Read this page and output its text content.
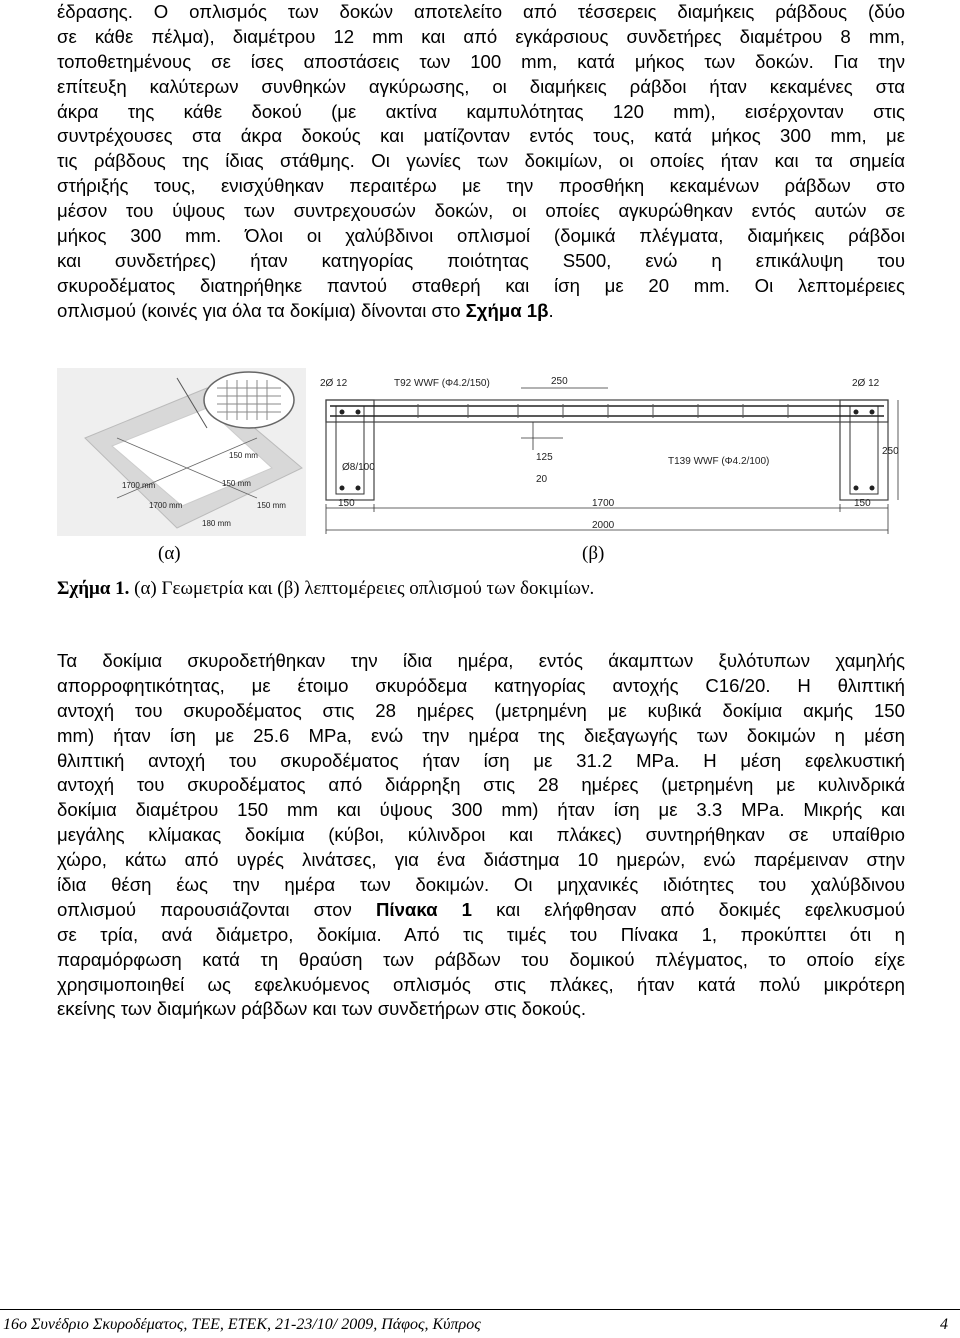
έδρασης. Ο οπλισμός των δοκών αποτελείτο από τέσσερεις διαμήκεις ράβδους (δύο
σε κάθε πέλμα), διαμέτρου 12 mm και από εγκάρσιους συνδετήρες διαμέτρου 8 mm,
τοποθετημένους σε ίσες αποστάσεις των 100 mm, κατά μήκος των δοκών. Για την
επίτευξη καλύτερων συνθηκών αγκύρωσης, οι διαμήκεις ράβδοι ήταν κεκαμένες στα
άκρα της κάθε δοκού (με ακτίνα καμπυλότητας 120 mm), εισέρχονταν στις
συντρέχουσες στα άκρα δοκούς και ματίζονταν εντός τους, κατά μήκος 300 mm, με
τις ράβδους της ίδιας στάθμης. Οι γωνίες των δοκιμίων, οι οποίες ήταν και τα σημεία
στήριξής τους, ενισχύθηκαν περαιτέρω με την προσθήκη κεκαμένων ράβδων στο
μέσον του ύψους των συντρεχουσών δοκών, οι οποίες αγκυρώθηκαν εντός αυτών σε
μήκος 300 mm. Όλοι οι χαλύβδινοι οπλισμοί (δομικά πλέγματα, διαμήκεις ράβδοι
και συνδετήρες) ήταν κατηγορίας ποιότητας S500, ενώ η επικάλυψη του
σκυροδέματος διατηρήθηκε παντού σταθερή και ίση με 20 mm. Οι λεπτομέρειες
οπλισμού (κοινές για όλα τα δοκίμια) δίνονται στο Σχήμα 1β.
150 mm
150 mm
1700 mm
1700 mm
180 mm
150 mm
2Ø 12	T92 WWF (Φ4.2/150)	250
Ø8/100
125
20
T139 WWF (Φ4.2/100)
2Ø 12
250
150	1700	150
2000
(α)	(β)
Σχήμα 1. (α) Γεωμετρία και (β) λεπτομέρειες οπλισμού των δοκιμίων.
Τα δοκίμια σκυροδετήθηκαν την ίδια ημέρα, εντός άκαμπτων ξυλότυπων χαμηλής
απορροφητικότητας, με έτοιμο σκυρόδεμα κατηγορίας αντοχής C16/20. Η θλιπτική
αντοχή του σκυροδέματος στις 28 ημέρες (μετρημένη με κυβικά δοκίμια ακμής 150
mm) ήταν ίση με 25.6 MPa, ενώ την ημέρα της διεξαγωγής των δοκιμών η μέση
θλιπτική αντοχή του σκυροδέματος ήταν ίση με 31.2 MPa. Η μέση εφελκυστική
αντοχή του σκυροδέματος από διάρρηξη στις 28 ημέρες (μετρημένη με κυλινδρικά
δοκίμια διαμέτρου 150 mm και ύψους 300 mm) ήταν ίση με 3.3 MPa. Μικρής και
μεγάλης κλίμακας δοκίμια (κύβοι, κύλινδροι και πλάκες) συντηρήθηκαν σε υπαίθριο
χώρο, κάτω από υγρές λινάτσες, για ένα διάστημα 10 ημερών, ενώ παρέμειναν στην
ίδια θέση έως την ημέρα των δοκιμών. Οι μηχανικές ιδιότητες του χαλύβδινου
οπλισμού παρουσιάζονται στον Πίνακα 1 και ελήφθησαν από δοκιμές εφελκυσμού
σε τρία, ανά διάμετρο, δοκίμια. Από τις τιμές του Πίνακα 1, προκύπτει ότι η
παραμόρφωση κατά τη θραύση των ράβδων του δομικού πλέγματος, το οποίο είχε
χρησιμοποιηθεί ως εφελκυόμενος οπλισμός στις πλάκες, ήταν κατά πολύ μικρότερη
εκείνης των διαμήκων ράβδων και των συνδετήρων στις δοκούς.
16ο Συνέδριο Σκυροδέματος, ΤΕΕ, ΕΤΕΚ, 21-23/10/ 2009, Πάφος, Κύπρος	4
